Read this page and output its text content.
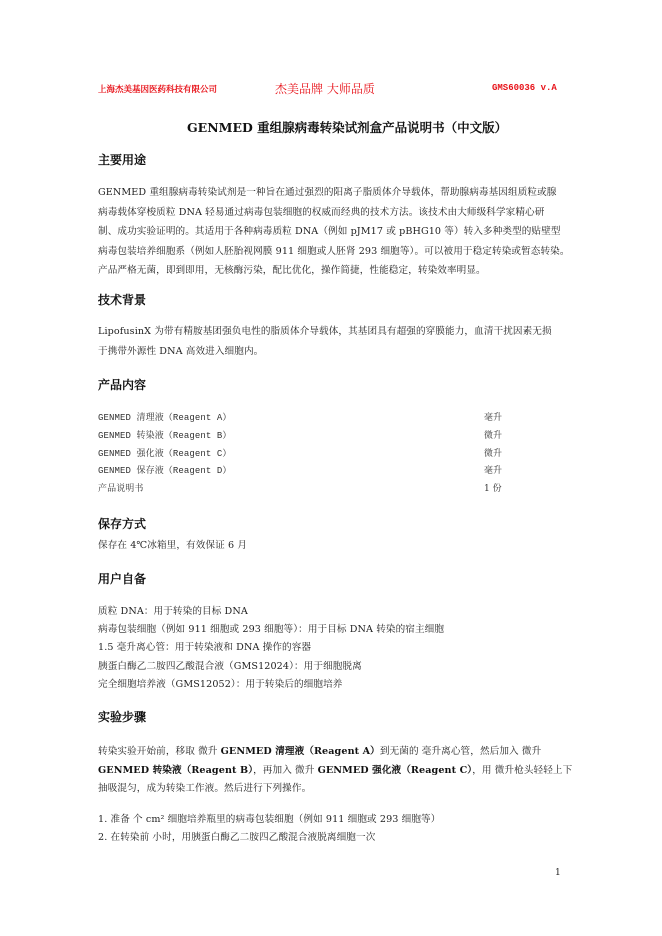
上海杰美基因医药科技有限公司	杰美品牌 大师品质	GMS60036 v.A
GENMED 重组腺病毒转染试剂盒产品说明书（中文版）
主要用途
GENMED 重组腺病毒转染试剂是一种旨在通过强烈的阳离子脂质体介导载体，帮助腺病毒基因组质粒或腺
病毒载体穿梭质粒 DNA 轻易通过病毒包装细胞的权威而经典的技术方法。该技术由大师级科学家精心研
制、成功实验证明的。其适用于各种病毒质粒 DNA（例如 pJM17 或 pBHG10 等）转入多种类型的贴壁型
病毒包装培养细胞系（例如人胚胎视网膜 911 细胞或人胚肾 293 细胞等）。可以被用于稳定转染或暂态转染。
产品严格无菌，即到即用，无核酶污染，配比优化，操作简捷，性能稳定，转染效率明显。
技术背景
LipofusinX 为带有精胺基团强负电性的脂质体介导载体，其基团具有超强的穿膜能力，血清干扰因素无损
于携带外源性 DNA 高效进入细胞内。
产品内容
GENMED 清理液（Reagent A）	毫升
GENMED 转染液（Reagent B）	微升
GENMED 强化液（Reagent C）	微升
GENMED 保存液（Reagent D）	毫升
产品说明书	1 份
保存方式
保存在 4℃冰箱里，有效保证 6 月
用户自备
质粒 DNA：用于转染的目标 DNA
病毒包装细胞（例如 911 细胞或 293 细胞等）：用于目标 DNA 转染的宿主细胞
1.5 毫升离心管：用于转染液和 DNA 操作的容器
胰蛋白酶乙二胺四乙酸混合液（GMS12024）：用于细胞脱离
完全细胞培养液（GMS12052）：用于转染后的细胞培养
实验步骤
转染实验开始前，移取 微升 GENMED 清理液（Reagent A）到无菌的 毫升离心管，然后加入 微升
GENMED 转染液（Reagent B），再加入 微升 GENMED 强化液（Reagent C），用 微升枪头轻轻上下
抽吸混匀，成为转染工作液。然后进行下列操作。
1. 准备 个 cm² 细胞培养瓶里的病毒包装细胞（例如 911 细胞或 293 细胞等）
2. 在转染前 小时，用胰蛋白酶乙二胺四乙酸混合液脱离细胞一次
1
